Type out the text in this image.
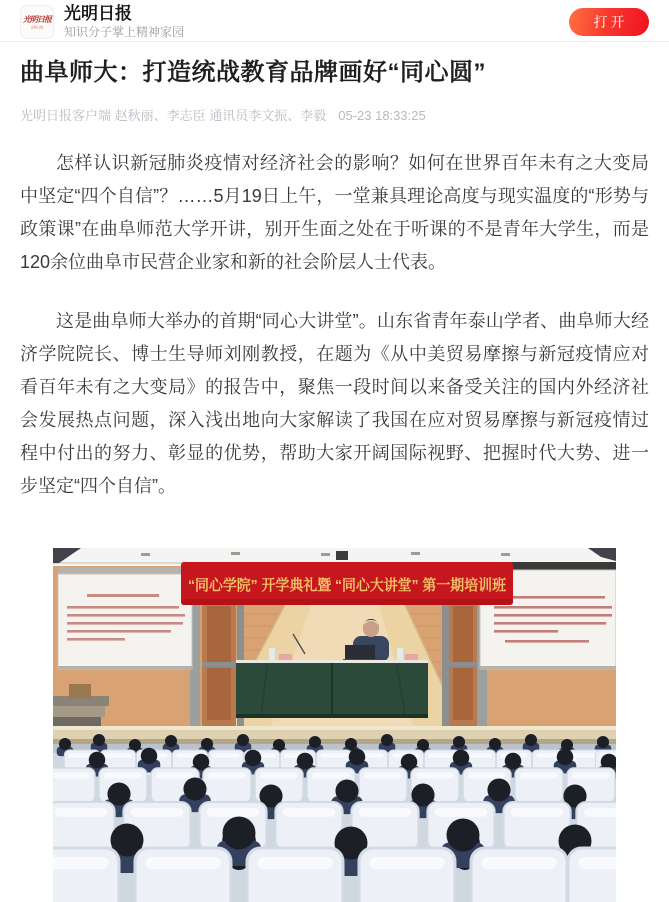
光明日报
光明日报
光明日报
知识分子掌上精神家园
打开
曲阜师大：打造统战教育品牌画好“同心圆”
光明日报客户端 赵秋丽、李志臣 通讯员李文振、李毅 05-23 18:33:25

怎样认识新冠肺炎疫情对经济社会的影响？如何在世界百年未有之大变局中坚定“四个自信”？……5月19日上午，一堂兼具理论高度与现实温度的“形势与政策课”在曲阜师范大学开讲，别开生面之处在于听课的不是青年大学生，而是120余位曲阜市民营企业家和新的社会阶层人士代表。

这是曲阜师大举办的首期“同心大讲堂”。山东省青年泰山学者、曲阜师大经济学院院长、博士生导师刘刚教授，在题为《从中美贸易摩擦与新冠疫情应对看百年未有之大变局》的报告中，聚焦一段时间以来备受关注的国内外经济社会发展热点问题，深入浅出地向大家解读了我国在应对贸易摩擦与新冠疫情过程中付出的努力、彰显的优势，帮助大家开阔国际视野、把握时代大势、进一步坚定“四个自信”。

“同心学院” 开学典礼暨 “同心大讲堂” 第一期培训班
